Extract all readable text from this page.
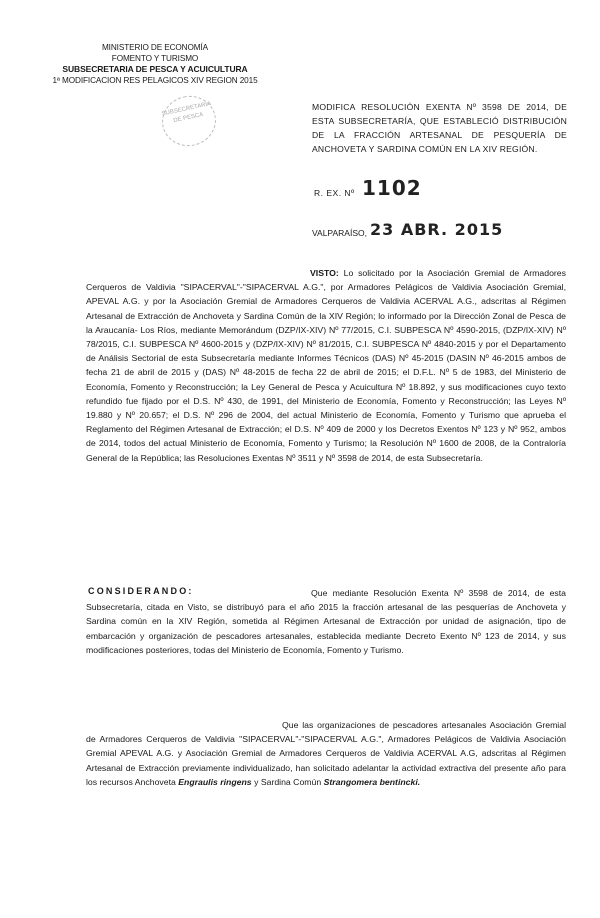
MINISTERIO DE ECONOMÍA
FOMENTO Y TURISMO
SUBSECRETARIA DE PESCA Y ACUICULTURA
1ª MODIFICACION RES PELAGICOS XIV REGION 2015
SUBSECRETARIA DE PESCA
MODIFICA RESOLUCIÓN EXENTA Nº 3598 DE 2014, DE ESTA SUBSECRETARÍA, QUE ESTABLECIÓ DISTRIBUCIÓN DE LA FRACCIÓN ARTESANAL DE PESQUERÍA DE ANCHOVETA Y SARDINA COMÚN EN LA XIV REGIÓN.
R. EX. Nº 1102
VALPARAÍSO, 23 ABR. 2015
VISTO: Lo solicitado por la Asociación Gremial de Armadores Cerqueros de Valdivia "SIPACERVAL"-"SIPACERVAL A.G.", por Armadores Pelágicos de Valdivia Asociación Gremial, APEVAL A.G. y por la Asociación Gremial de Armadores Cerqueros de Valdivia ACERVAL A.G., adscritas al Régimen Artesanal de Extracción de Anchoveta y Sardina Común de la XIV Región; lo informado por la Dirección Zonal de Pesca de la Araucanía- Los Ríos, mediante Memorándum (DZP/IX-XIV) Nº 77/2015, C.I. SUBPESCA Nº 4590-2015, (DZP/IX-XIV) Nº 78/2015, C.I. SUBPESCA Nº 4600-2015 y (DZP/IX-XIV) Nº 81/2015, C.I. SUBPESCA Nº 4840-2015 y por el Departamento de Análisis Sectorial de esta Subsecretaría mediante Informes Técnicos (DAS) Nº 45-2015 (DASIN Nº 46-2015 ambos de fecha 21 de abril de 2015 y (DAS) Nº 48-2015 de fecha 22 de abril de 2015; el D.F.L. Nº 5 de 1983, del Ministerio de Economía, Fomento y Reconstrucción; la Ley General de Pesca y Acuicultura Nº 18.892, y sus modificaciones cuyo texto refundido fue fijado por el D.S. Nº 430, de 1991, del Ministerio de Economía, Fomento y Reconstrucción; las Leyes Nº 19.880 y Nº 20.657; el D.S. Nº 296 de 2004, del actual Ministerio de Economía, Fomento y Turismo que aprueba el Reglamento del Régimen Artesanal de Extracción; el D.S. Nº 409 de 2000 y los Decretos Exentos Nº 123 y Nº 952, ambos de 2014, todos del actual Ministerio de Economía, Fomento y Turismo; la Resolución Nº 1600 de 2008, de la Contraloría General de la República; las Resoluciones Exentas Nº 3511 y Nº 3598 de 2014, de esta Subsecretaría.
CONSIDERANDO:	Que mediante Resolución Exenta Nº 3598 de 2014, de esta Subsecretaría, citada en Visto, se distribuyó para el año 2015 la fracción artesanal de las pesquerías de Anchoveta y Sardina común en la XIV Región, sometida al Régimen Artesanal de Extracción por unidad de asignación, tipo de embarcación y organización de pescadores artesanales, establecida mediante Decreto Exento Nº 123 de 2014, y sus modificaciones posteriores, todas del Ministerio de Economía, Fomento y Turismo.
Que las organizaciones de pescadores artesanales Asociación Gremial de Armadores Cerqueros de Valdivia "SIPACERVAL"-"SIPACERVAL A.G.", Armadores Pelágicos de Valdivia Asociación Gremial APEVAL A.G. y Asociación Gremial de Armadores Cerqueros de Valdivia ACERVAL A.G, adscritas al Régimen Artesanal de Extracción previamente individualizado, han solicitado adelantar la actividad extractiva del presente año para los recursos Anchoveta Engraulis ringens y Sardina Común Strangomera bentincki.
